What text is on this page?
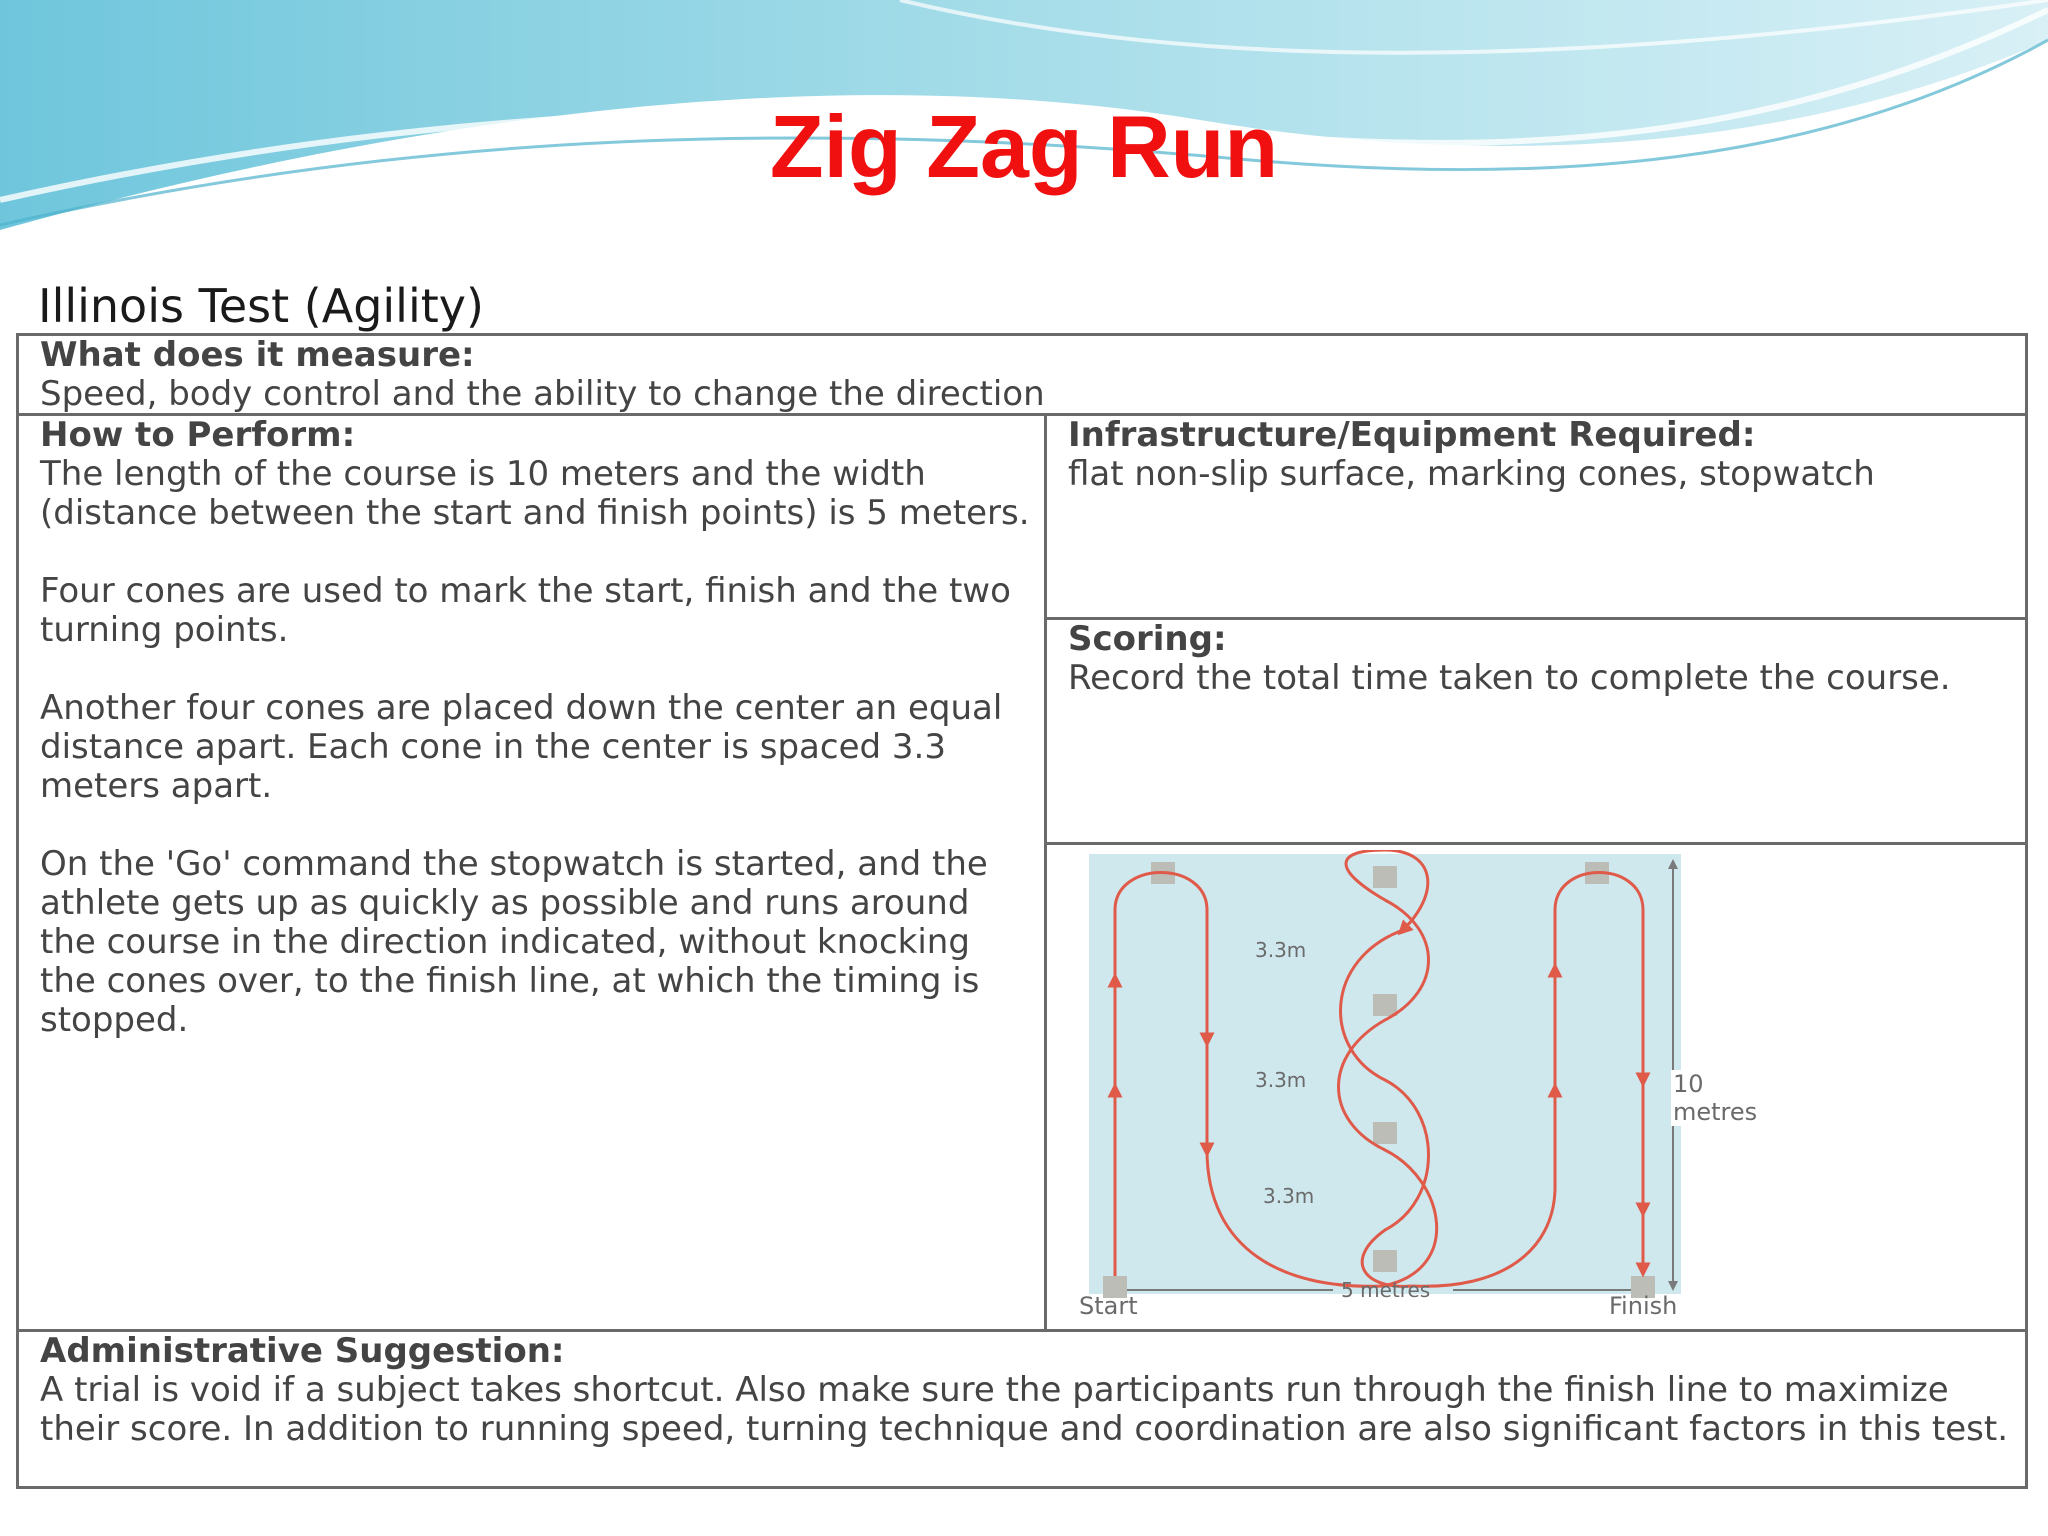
Zig Zag Run
Illinois Test (Agility)
What does it measure:
Speed, body control and the ability to change the direction
How to Perform:

The length of the course is 10 meters and the width (distance between the start and finish points) is 5 meters.

Four cones are used to mark the start, finish and the two turning points.

Another four cones are placed down the center an equal distance apart. Each cone in the center is spaced 3.3 meters apart.

On the 'Go' command the stopwatch is started, and the athlete gets up as quickly as possible and runs around the course in the direction indicated, without knocking the cones over, to the finish line, at which the timing is stopped.

Infrastructure/Equipment Required:
flat non-slip surface, marking cones, stopwatch
Scoring:
Record the total time taken to complete the course.
3.3m
3.3m
3.3m
10 metres
5 metres
Start	Finish
Administrative Suggestion:
A trial is void if a subject takes shortcut. Also make sure the participants run through the finish line to maximize their score. In addition to running speed, turning technique and coordination are also significant factors in this test.
